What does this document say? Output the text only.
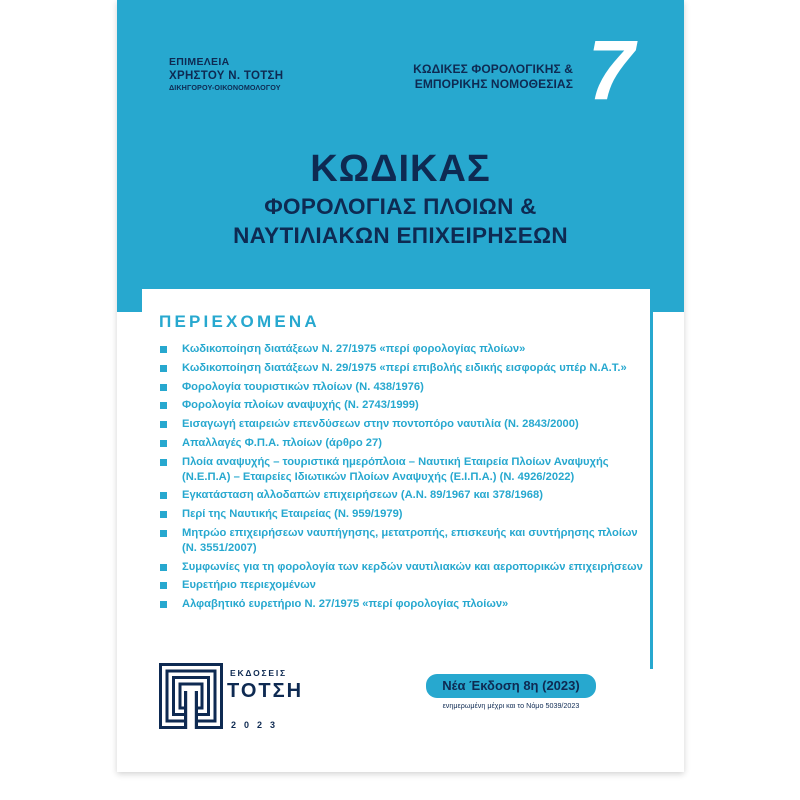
ΕΠΙΜΕΛΕΙΑ
ΧΡΗΣΤΟΥ Ν. ΤΟΤΣΗ
ΔΙΚΗΓΟΡΟΥ-ΟΙΚΟΝΟΜΟΛΟΓΟΥ
ΚΩΔΙΚΕΣ ΦΟΡΟΛΟΓΙΚΗΣ &
ΕΜΠΟΡΙΚΗΣ ΝΟΜΟΘΕΣΙΑΣ 7
ΚΩΔΙΚΑΣ
ΦΟΡΟΛΟΓΙΑΣ ΠΛΟΙΩΝ &
ΝΑΥΤΙΛΙΑΚΩΝ ΕΠΙΧΕΙΡΗΣΕΩΝ
ΠΕΡΙΕΧΟΜΕΝΑ
Κωδικοποίηση διατάξεων Ν. 27/1975 «περί φορολογίας πλοίων»
Κωδικοποίηση διατάξεων Ν. 29/1975 «περί επιβολής ειδικής εισφοράς υπέρ Ν.Α.Τ.»
Φορολογία τουριστικών πλοίων (Ν. 438/1976)
Φορολογία πλοίων αναψυχής (Ν. 2743/1999)
Εισαγωγή εταιρειών επενδύσεων στην ποντοπόρο ναυτιλία (Ν. 2843/2000)
Απαλλαγές Φ.Π.Α. πλοίων (άρθρο 27)
Πλοία αναψυχής – τουριστικά ημερόπλοια – Ναυτική Εταιρεία Πλοίων Αναψυχής (Ν.Ε.Π.Α) – Εταιρείες Ιδιωτικών Πλοίων Αναψυχής (Ε.Ι.Π.Α.) (Ν. 4926/2022)
Εγκατάσταση αλλοδαπών επιχειρήσεων (Α.Ν. 89/1967 και 378/1968)
Περί της Ναυτικής Εταιρείας (Ν. 959/1979)
Μητρώο επιχειρήσεων ναυπήγησης, μετατροπής, επισκευής και συντήρησης πλοίων (Ν. 3551/2007)
Συμφωνίες για τη φορολογία των κερδών ναυτιλιακών και αεροπορικών επιχειρήσεων
Ευρετήριο περιεχομένων
Αλφαβητικό ευρετήριο Ν. 27/1975 «περί φορολογίας πλοίων»
ΕΚΔΟΣΕΙΣ
ΤΟΤΣΗ
2023
Νέα Έκδοση 8η (2023)
ενημερωμένη μέχρι και το Νόμο 5039/2023
